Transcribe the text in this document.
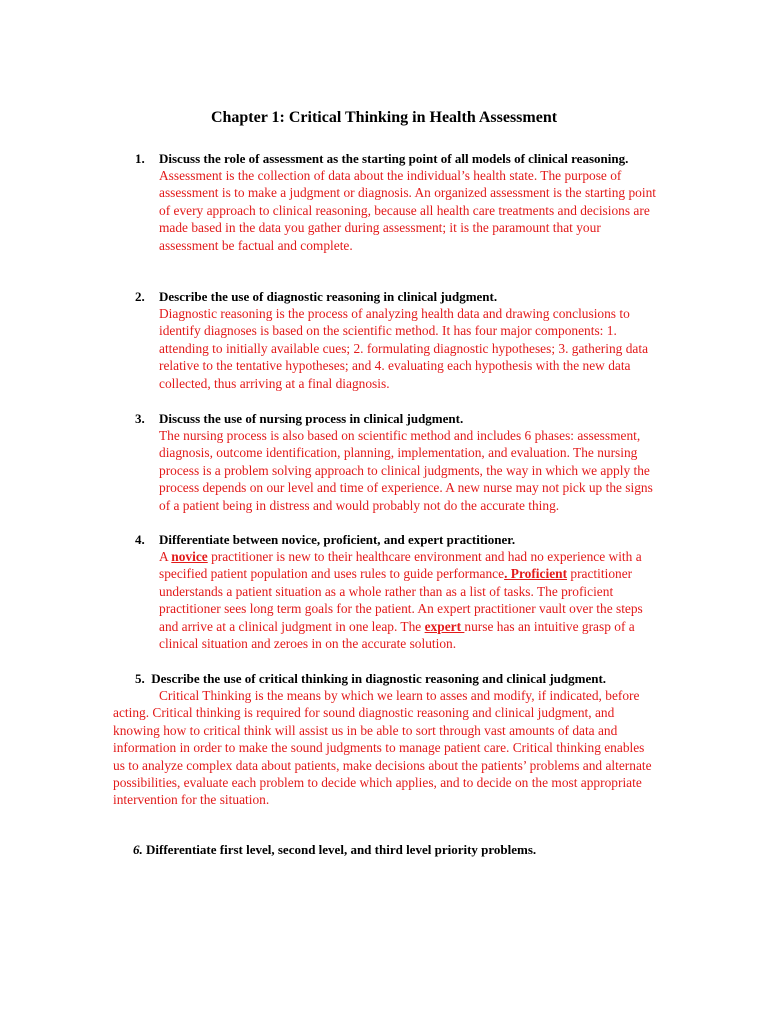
Chapter 1: Critical Thinking in Health Assessment
1. Discuss the role of assessment as the starting point of all models of clinical reasoning.

Assessment is the collection of data about the individual’s health state. The purpose of assessment is to make a judgment or diagnosis. An organized assessment is the starting point of every approach to clinical reasoning, because all health care treatments and decisions are made based in the data you gather during assessment; it is the paramount that your assessment be factual and complete.

2. Describe the use of diagnostic reasoning in clinical judgment.

Diagnostic reasoning is the process of analyzing health data and drawing conclusions to identify diagnoses is based on the scientific method. It has four major components: 1. attending to initially available cues; 2. formulating diagnostic hypotheses; 3. gathering data relative to the tentative hypotheses; and 4. evaluating each hypothesis with the new data collected, thus arriving at a final diagnosis.

3. Discuss the use of nursing process in clinical judgment.

The nursing process is also based on scientific method and includes 6 phases: assessment, diagnosis, outcome identification, planning, implementation, and evaluation. The nursing process is a problem solving approach to clinical judgments, the way in which we apply the process depends on our level and time of experience. A new nurse may not pick up the signs of a patient being in distress and would probably not do the accurate thing.

4. Differentiate between novice, proficient, and expert practitioner.

A novice practitioner is new to their healthcare environment and had no experience with a specified patient population and uses rules to guide performance. Proficient practitioner understands a patient situation as a whole rather than as a list of tasks. The proficient practitioner sees long term goals for the patient. An expert practitioner vault over the steps and arrive at a clinical judgment in one leap. The expert nurse has an intuitive grasp of a clinical situation and zeroes in on the accurate solution.

5. Describe the use of critical thinking in diagnostic reasoning and clinical judgment.

Critical Thinking is the means by which we learn to asses and modify, if indicated, before acting. Critical thinking is required for sound diagnostic reasoning and clinical judgment, and knowing how to critical think will assist us in be able to sort through vast amounts of data and information in order to make the sound judgments to manage patient care. Critical thinking enables us to analyze complex data about patients, make decisions about the patients’ problems and alternate possibilities, evaluate each problem to decide which applies, and to decide on the most appropriate intervention for the situation.

6. Differentiate first level, second level, and third level priority problems.
